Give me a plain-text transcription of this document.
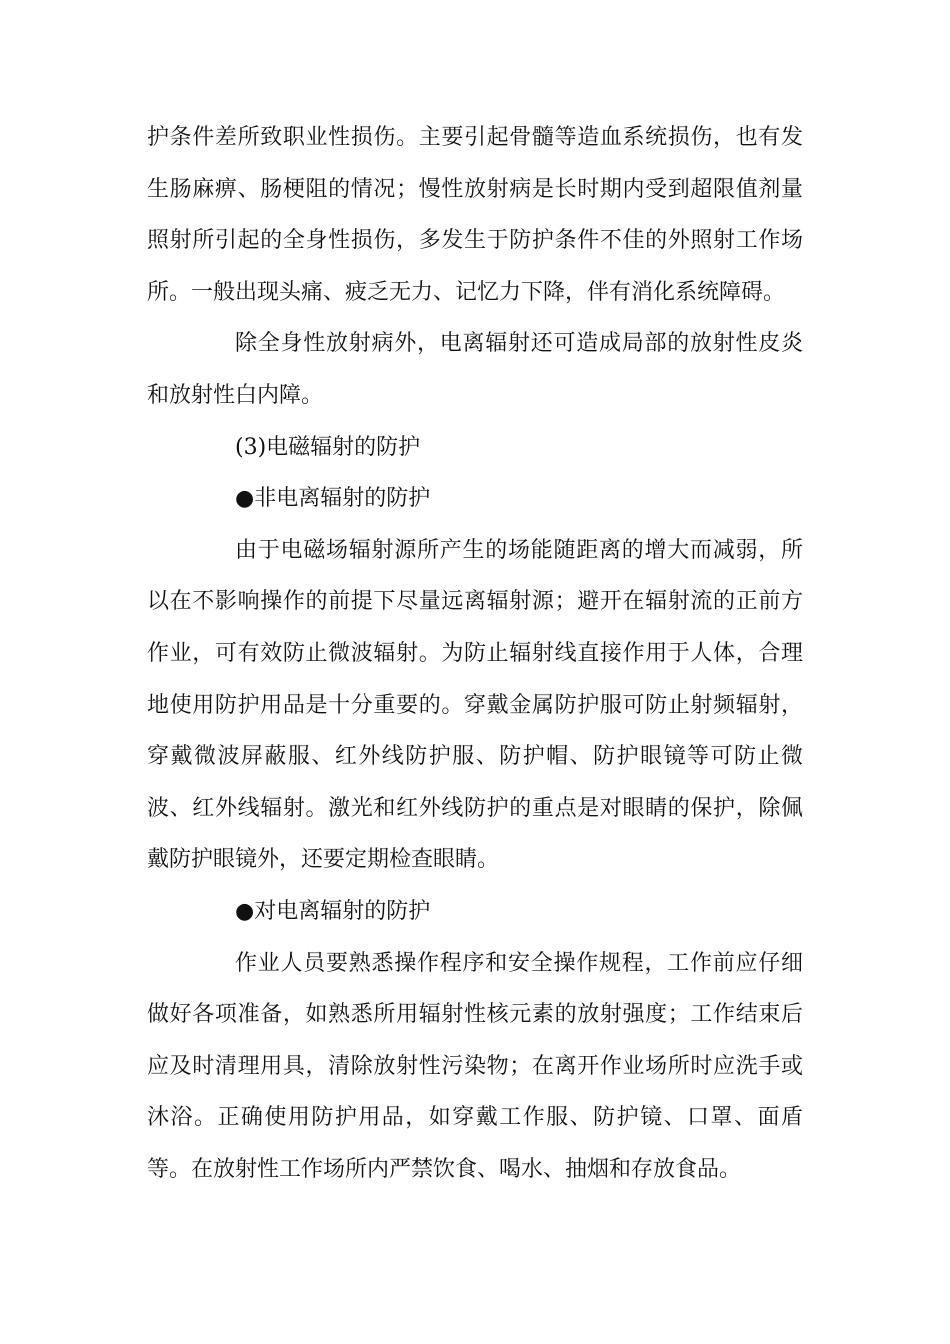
护条件差所致职业性损伤。主要引起骨髓等造血系统损伤，也有发
生肠麻痹、肠梗阻的情况；慢性放射病是长时期内受到超限值剂量
照射所引起的全身性损伤，多发生于防护条件不佳的外照射工作场
所。一般出现头痛、疲乏无力、记忆力下降，伴有消化系统障碍。
除全身性放射病外，电离辐射还可造成局部的放射性皮炎
和放射性白内障。
(3)电磁辐射的防护
●非电离辐射的防护
由于电磁场辐射源所产生的场能随距离的增大而减弱，所
以在不影响操作的前提下尽量远离辐射源；避开在辐射流的正前方
作业，可有效防止微波辐射。为防止辐射线直接作用于人体，合理
地使用防护用品是十分重要的。穿戴金属防护服可防止射频辐射，
穿戴微波屏蔽服、红外线防护服、防护帽、防护眼镜等可防止微
波、红外线辐射。激光和红外线防护的重点是对眼睛的保护，除佩
戴防护眼镜外，还要定期检查眼睛。
●对电离辐射的防护
作业人员要熟悉操作程序和安全操作规程，工作前应仔细
做好各项准备，如熟悉所用辐射性核元素的放射强度；工作结束后
应及时清理用具，清除放射性污染物；在离开作业场所时应洗手或
沐浴。正确使用防护用品，如穿戴工作服、防护镜、口罩、面盾
等。在放射性工作场所内严禁饮食、喝水、抽烟和存放食品。
